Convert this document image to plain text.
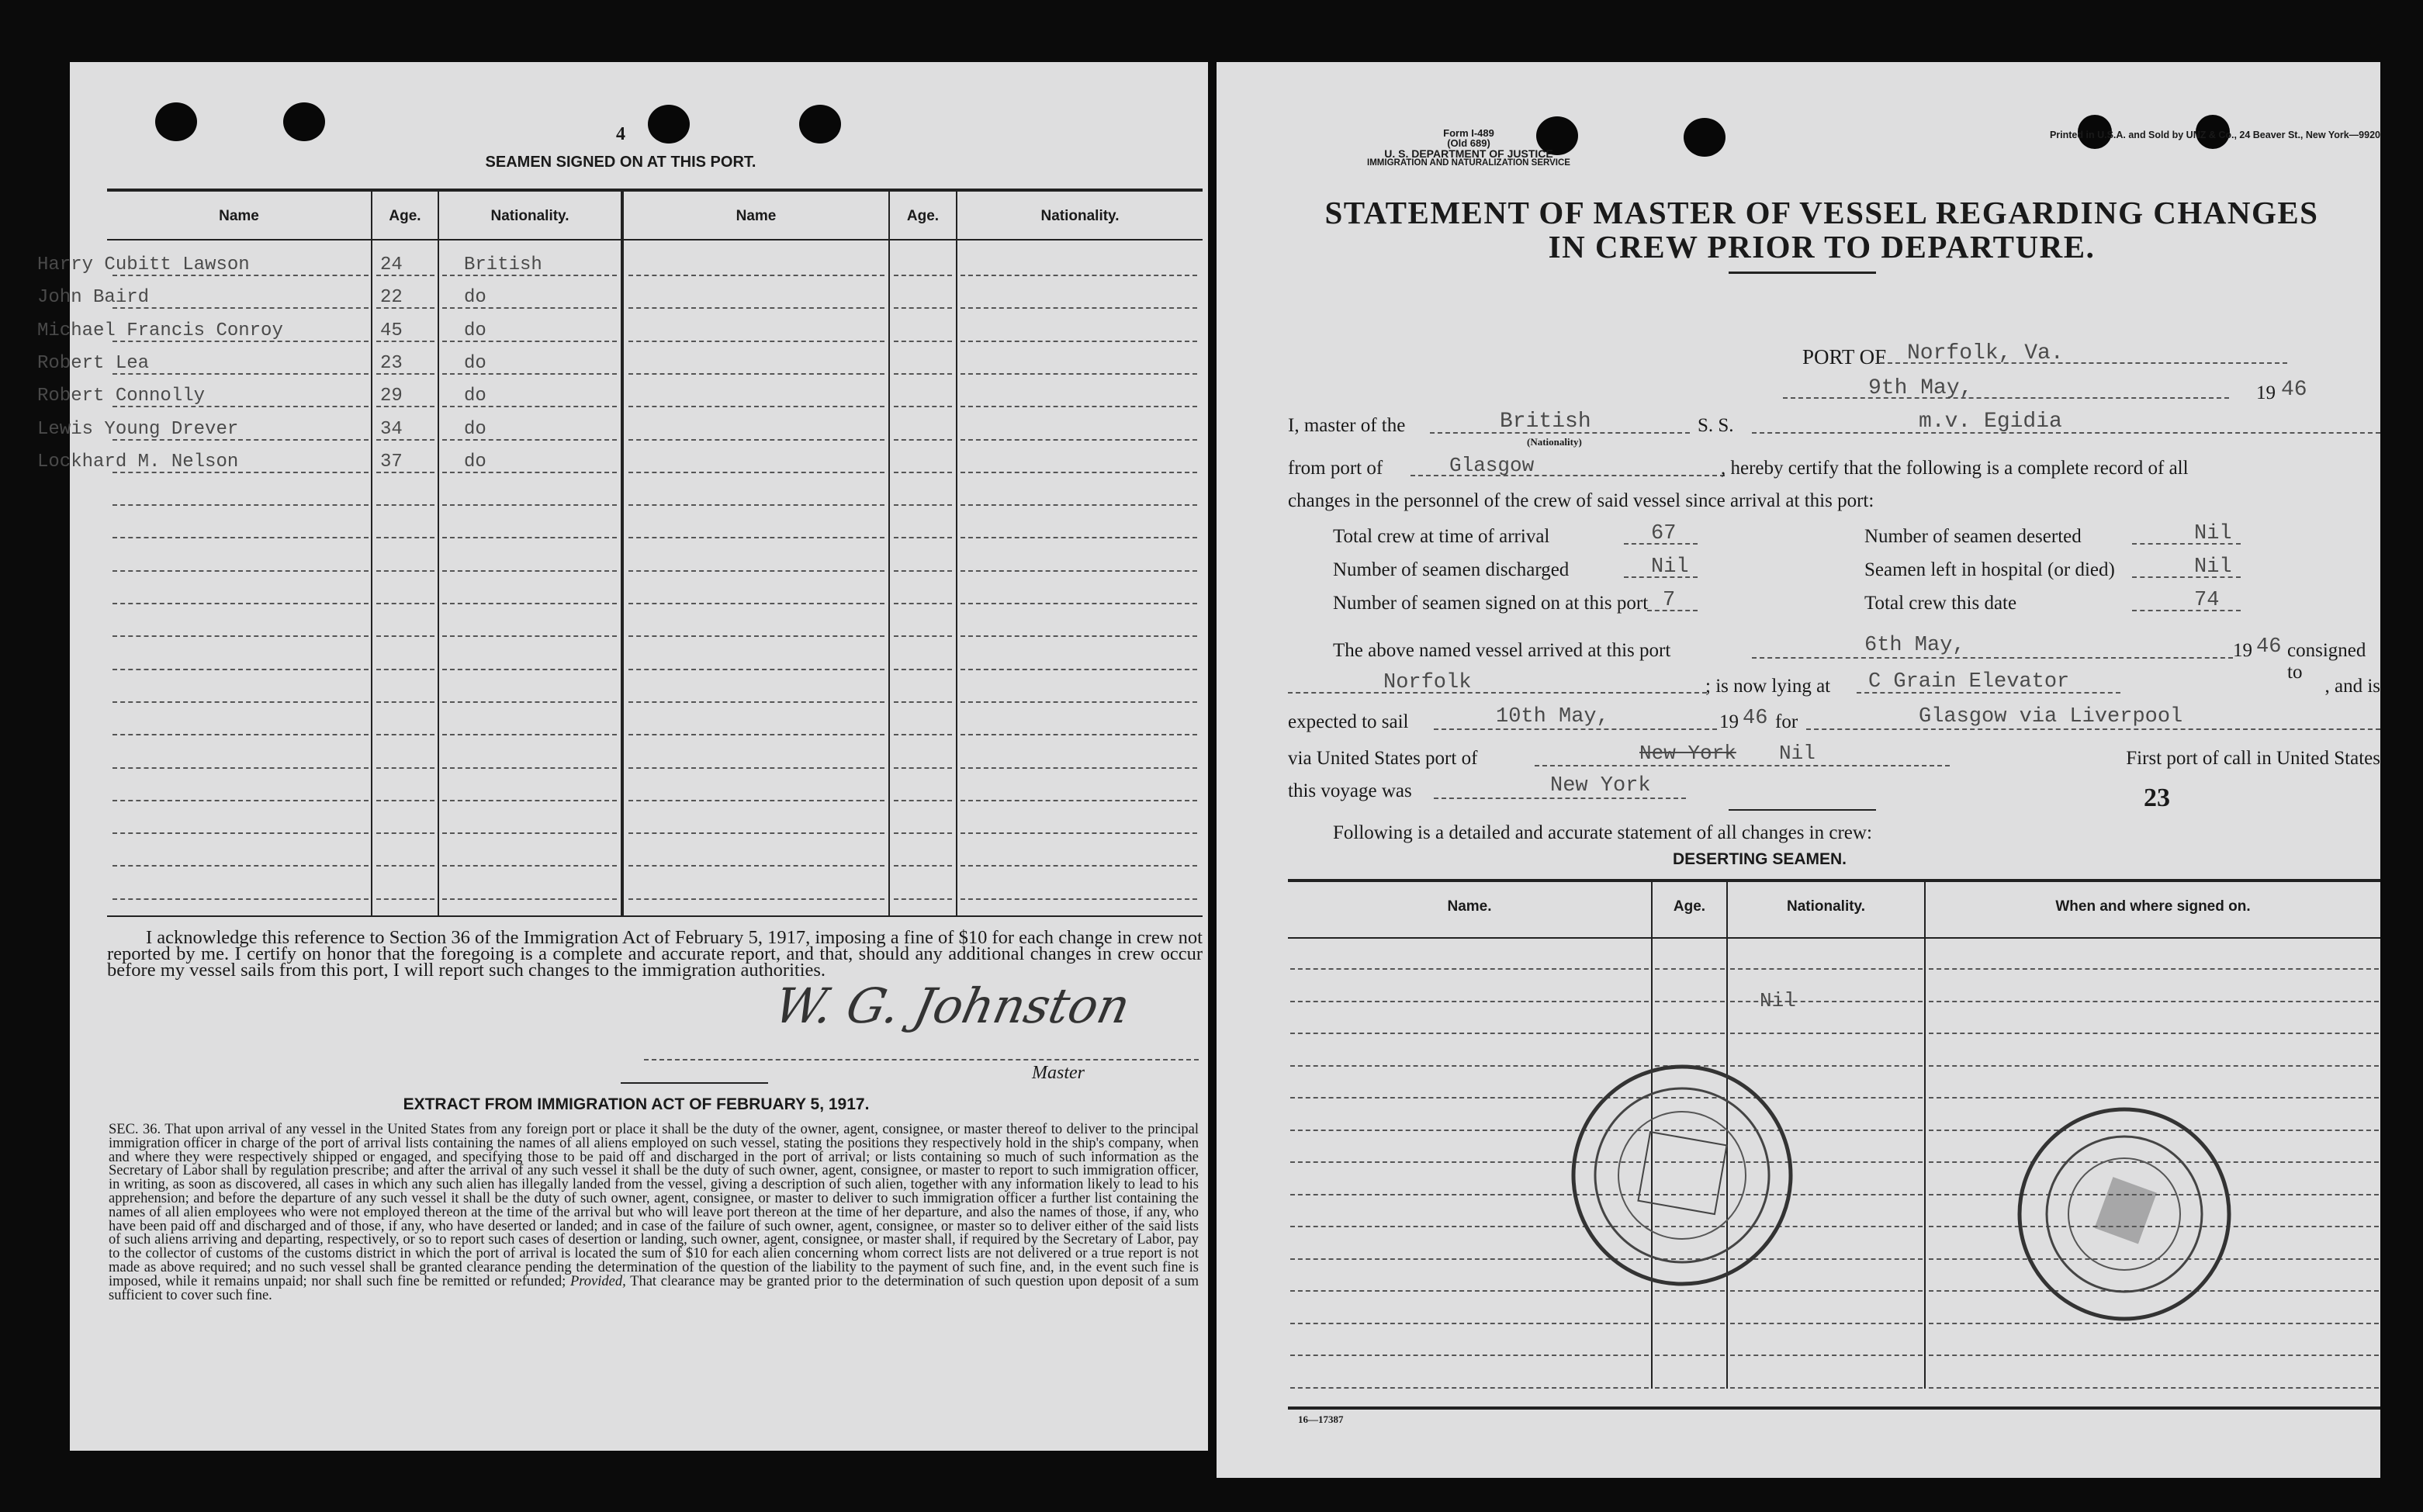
4
SEAMEN SIGNED ON AT THIS PORT.
Name	Age.	Nationality.	Name	Age.	Nationality.
Harry Cubitt Lawson	24	British
John Baird	22	do
Michael Francis Conroy	45	do
Robert Lea	23	do
Robert Connolly	29	do
Lewis Young Drever	34	do
Lockhard M. Nelson	37	do
I acknowledge this reference to Section 36 of the Immigration Act of February 5, 1917, imposing a fine of $10 for each change in crew not reported by me. I certify on honor that the foregoing is a complete and accurate report, and that, should any additional changes in crew occur before my vessel sails from this port, I will report such changes to the immigration authorities.
W. G. Johnston
Master
EXTRACT FROM IMMIGRATION ACT OF FEBRUARY 5, 1917.
SEC. 36. That upon arrival of any vessel in the United States from any foreign port or place it shall be the duty of the owner, agent, consignee, or master thereof to deliver to the principal immigration officer in charge of the port of arrival lists containing the names of all aliens employed on such vessel, stating the positions they respectively hold in the ship's company, when and where they were respectively shipped or engaged, and specifying those to be paid off and discharged in the port of arrival; or lists containing so much of such information as the Secretary of Labor shall by regulation prescribe; and after the arrival of any such vessel it shall be the duty of such owner, agent, consignee, or master to report to such immigration officer, in writing, as soon as discovered, all cases in which any such alien has illegally landed from the vessel, giving a description of such alien, together with any information likely to lead to his apprehension; and before the departure of any such vessel it shall be the duty of such owner, agent, consignee, or master to deliver to such immigration officer a further list containing the names of all alien employees who were not employed thereon at the time of the arrival but who will leave port thereon at the time of her departure, and also the names of those, if any, who have been paid off and discharged and of those, if any, who have deserted or landed; and in case of the failure of such owner, agent, consignee, or master so to deliver either of the said lists of such aliens arriving and departing, respectively, or so to report such cases of desertion or landing, such owner, agent, consignee, or master shall, if required by the Secretary of Labor, pay to the collector of customs of the customs district in which the port of arrival is located the sum of $10 for each alien concerning whom correct lists are not delivered or a true report is not made as above required; and no such vessel shall be granted clearance pending the determination of the question of the liability to the payment of such fine, and, in the event such fine is imposed, while it remains unpaid; nor shall such fine be remitted or refunded; Provided, That clearance may be granted prior to the determination of such question upon deposit of a sum sufficient to cover such fine.
Form I-489
(Old 689)
U. S. DEPARTMENT OF JUSTICE
IMMIGRATION AND NATURALIZATION SERVICE
Printed in U.S.A. and Sold by UNZ & Co., 24 Beaver St., New York—9920
STATEMENT OF MASTER OF VESSEL REGARDING CHANGES
IN CREW PRIOR TO DEPARTURE.
PORT OF Norfolk, Va.
9th May,	19 46
I, master of the	British
(Nationality)
S. S.	m.v. Egidia
from port of	Glasgow	, hereby certify that the following is a complete record of all
changes in the personnel of the crew of said vessel since arrival at this port:
Total crew at time of arrival	67
Number of seamen discharged	Nil
Number of seamen signed on at this port 7
Number of seamen deserted	Nil
Seamen left in hospital (or died)	Nil
Total crew this date	74
The above named vessel arrived at this port	6th May,	19 46 consigned to
Norfolk	; is now lying at C Grain Elevator	, and is
expected to sail	10th May,	19 46 for	Glasgow via Liverpool
via United States port of	New York Nil	First port of call in United States
this voyage was	New York	23
Following is a detailed and accurate statement of all changes in crew:
DESERTING SEAMEN.
Name.	Age.	Nationality.	When and where signed on.
Nil
16—17387
